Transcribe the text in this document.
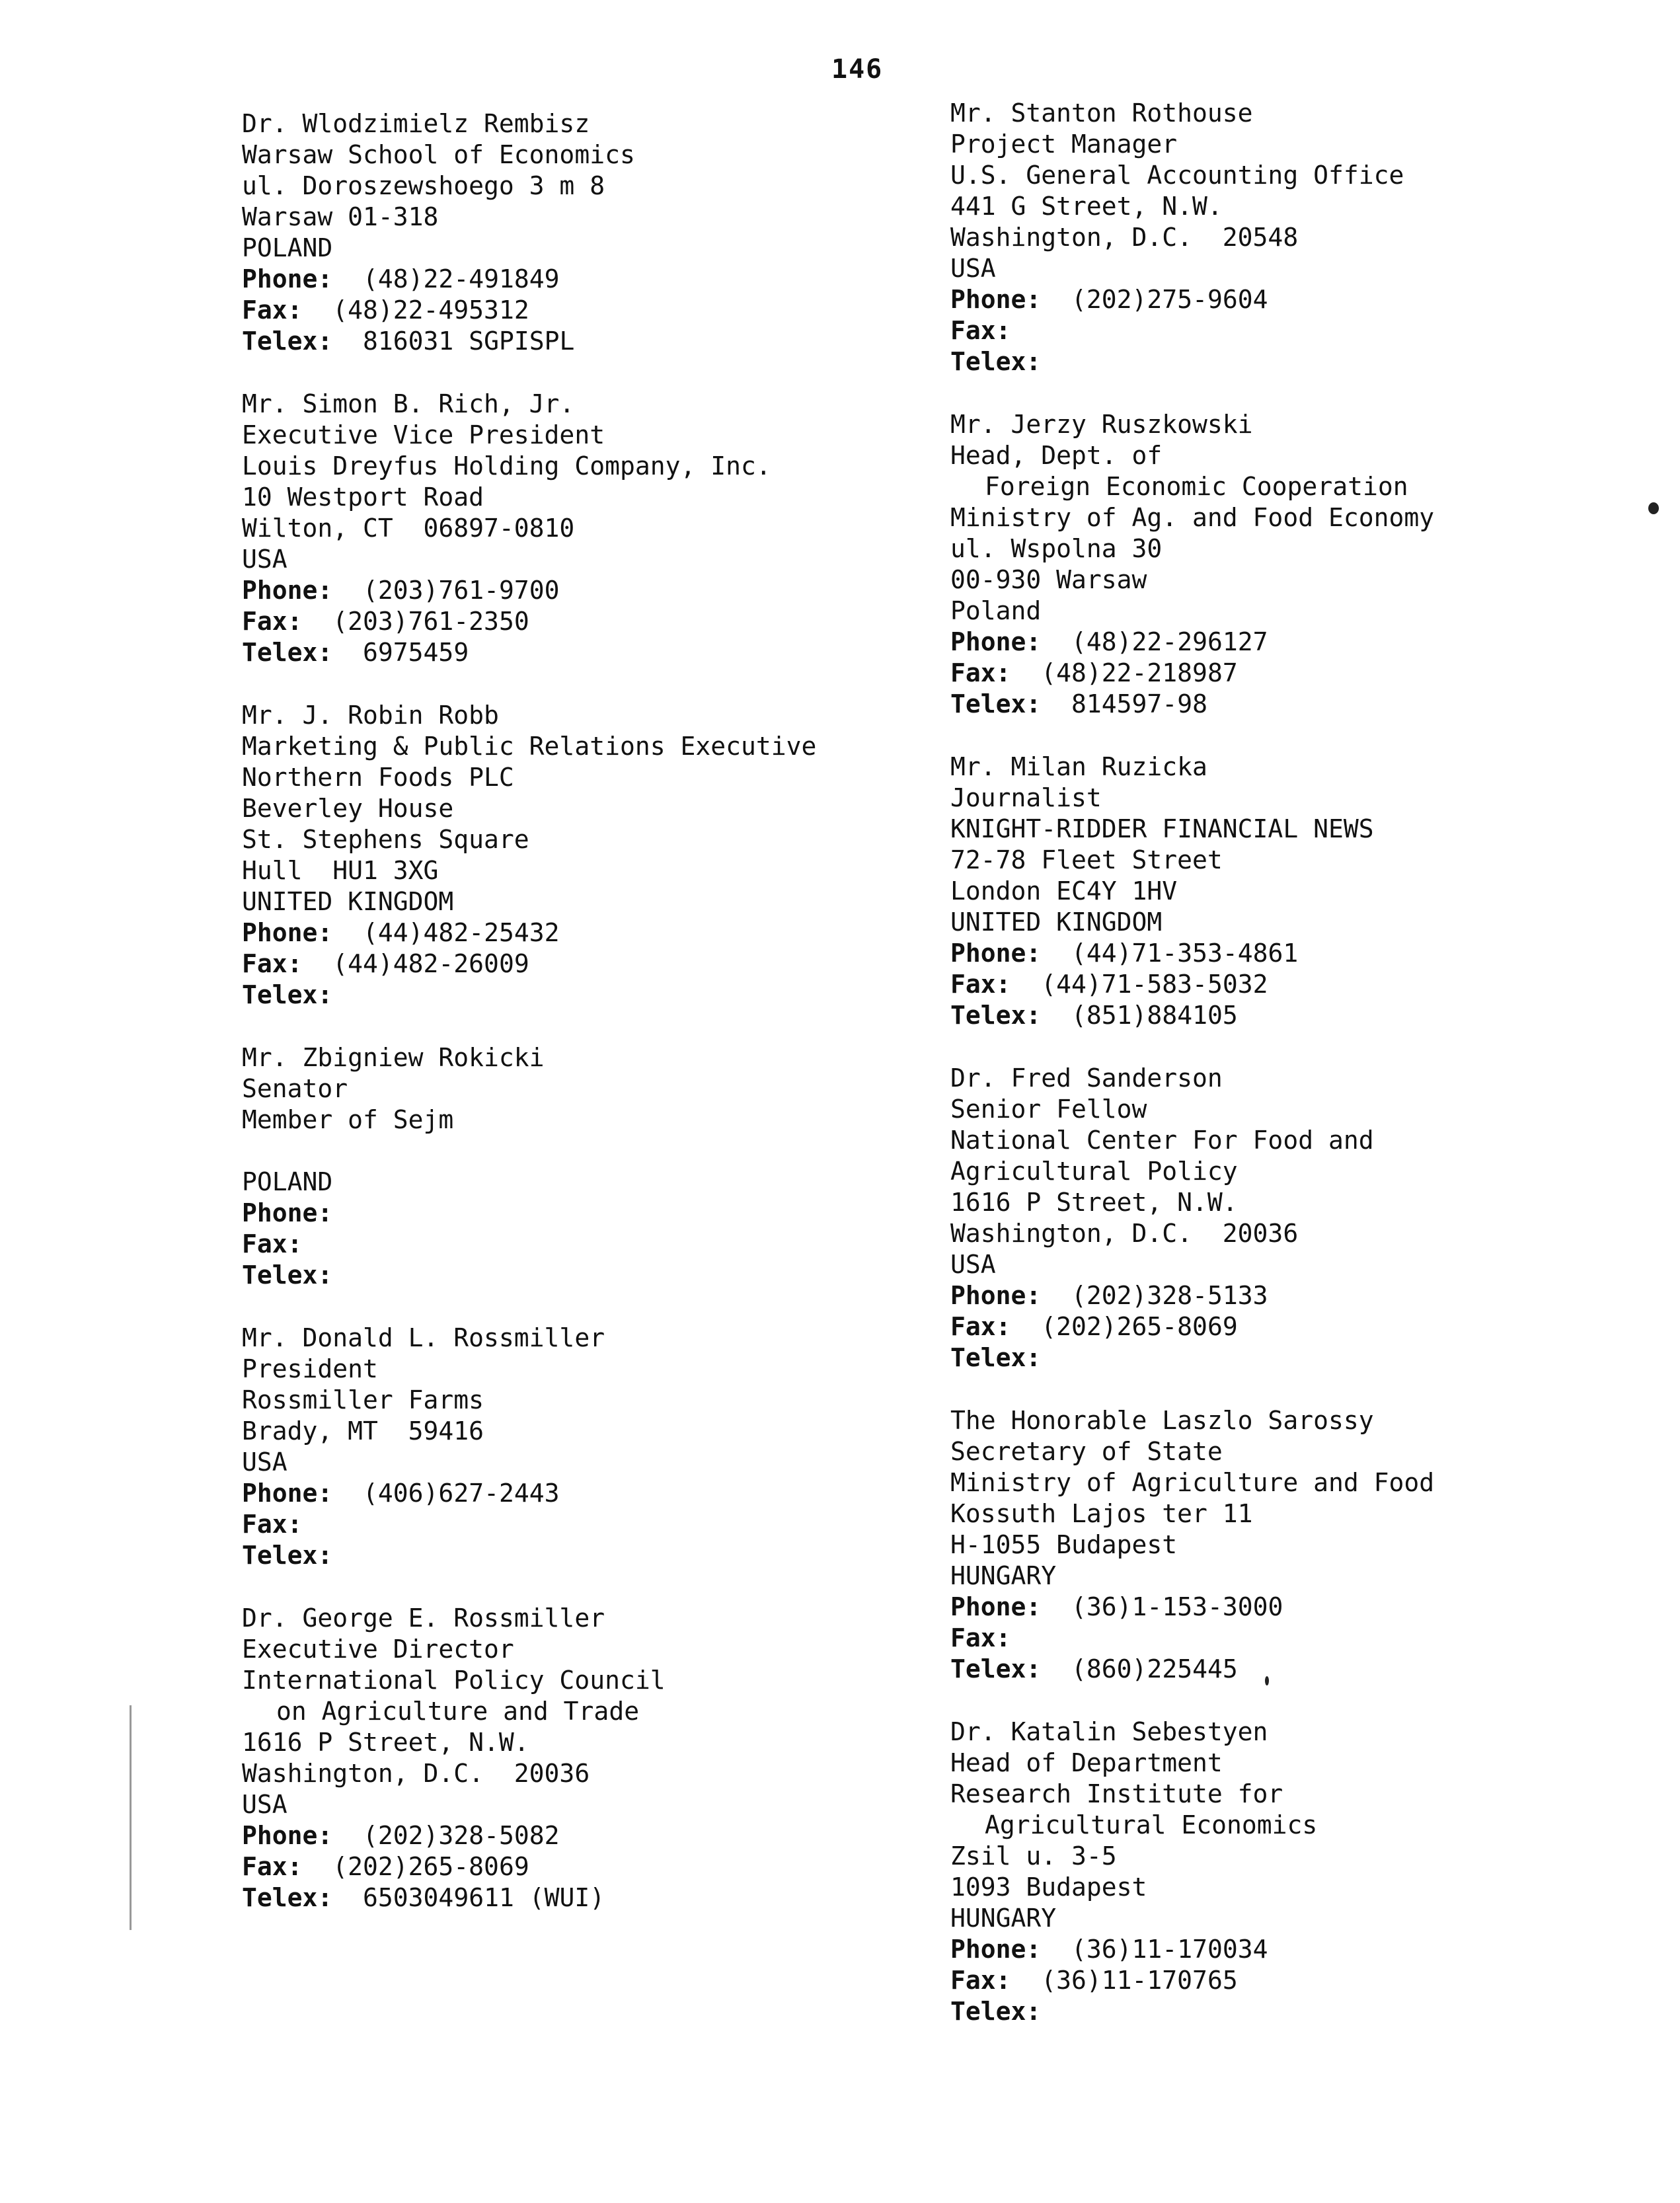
146
Dr. Wlodzimielz Rembisz
Warsaw School of Economics
ul. Doroszewshoego 3 m 8
Warsaw 01-318
POLAND
Phone: (48)22-491849
Fax: (48)22-495312
Telex: 816031 SGPISPL
Mr. Simon B. Rich, Jr.
Executive Vice President
Louis Dreyfus Holding Company, Inc.
10 Westport Road
Wilton, CT  06897-0810
USA
Phone: (203)761-9700
Fax: (203)761-2350
Telex: 6975459
Mr. J. Robin Robb
Marketing & Public Relations Executive
Northern Foods PLC
Beverley House
St. Stephens Square
Hull  HU1 3XG
UNITED KINGDOM
Phone: (44)482-25432
Fax: (44)482-26009
Telex:
Mr. Zbigniew Rokicki
Senator
Member of Sejm
POLAND
Phone:
Fax:
Telex:
Mr. Donald L. Rossmiller
President
Rossmiller Farms
Brady, MT  59416
USA
Phone: (406)627-2443
Fax:
Telex:
Dr. George E. Rossmiller
Executive Director
International Policy Council
on Agriculture and Trade
1616 P Street, N.W.
Washington, D.C.  20036
USA
Phone: (202)328-5082
Fax: (202)265-8069
Telex: 6503049611 (WUI)
Mr. Stanton Rothouse
Project Manager
U.S. General Accounting Office
441 G Street, N.W.
Washington, D.C.  20548
USA
Phone: (202)275-9604
Fax:
Telex:
Mr. Jerzy Ruszkowski
Head, Dept. of
Foreign Economic Cooperation
Ministry of Ag. and Food Economy
ul. Wspolna 30
00-930 Warsaw
Poland
Phone: (48)22-296127
Fax: (48)22-218987
Telex: 814597-98
Mr. Milan Ruzicka
Journalist
KNIGHT-RIDDER FINANCIAL NEWS
72-78 Fleet Street
London EC4Y 1HV
UNITED KINGDOM
Phone: (44)71-353-4861
Fax: (44)71-583-5032
Telex: (851)884105
Dr. Fred Sanderson
Senior Fellow
National Center For Food and
Agricultural Policy
1616 P Street, N.W.
Washington, D.C.  20036
USA
Phone: (202)328-5133
Fax: (202)265-8069
Telex:
The Honorable Laszlo Sarossy
Secretary of State
Ministry of Agriculture and Food
Kossuth Lajos ter 11
H-1055 Budapest
HUNGARY
Phone: (36)1-153-3000
Fax:
Telex: (860)225445
Dr. Katalin Sebestyen
Head of Department
Research Institute for
Agricultural Economics
Zsil u. 3-5
1093 Budapest
HUNGARY
Phone: (36)11-170034
Fax: (36)11-170765
Telex:
